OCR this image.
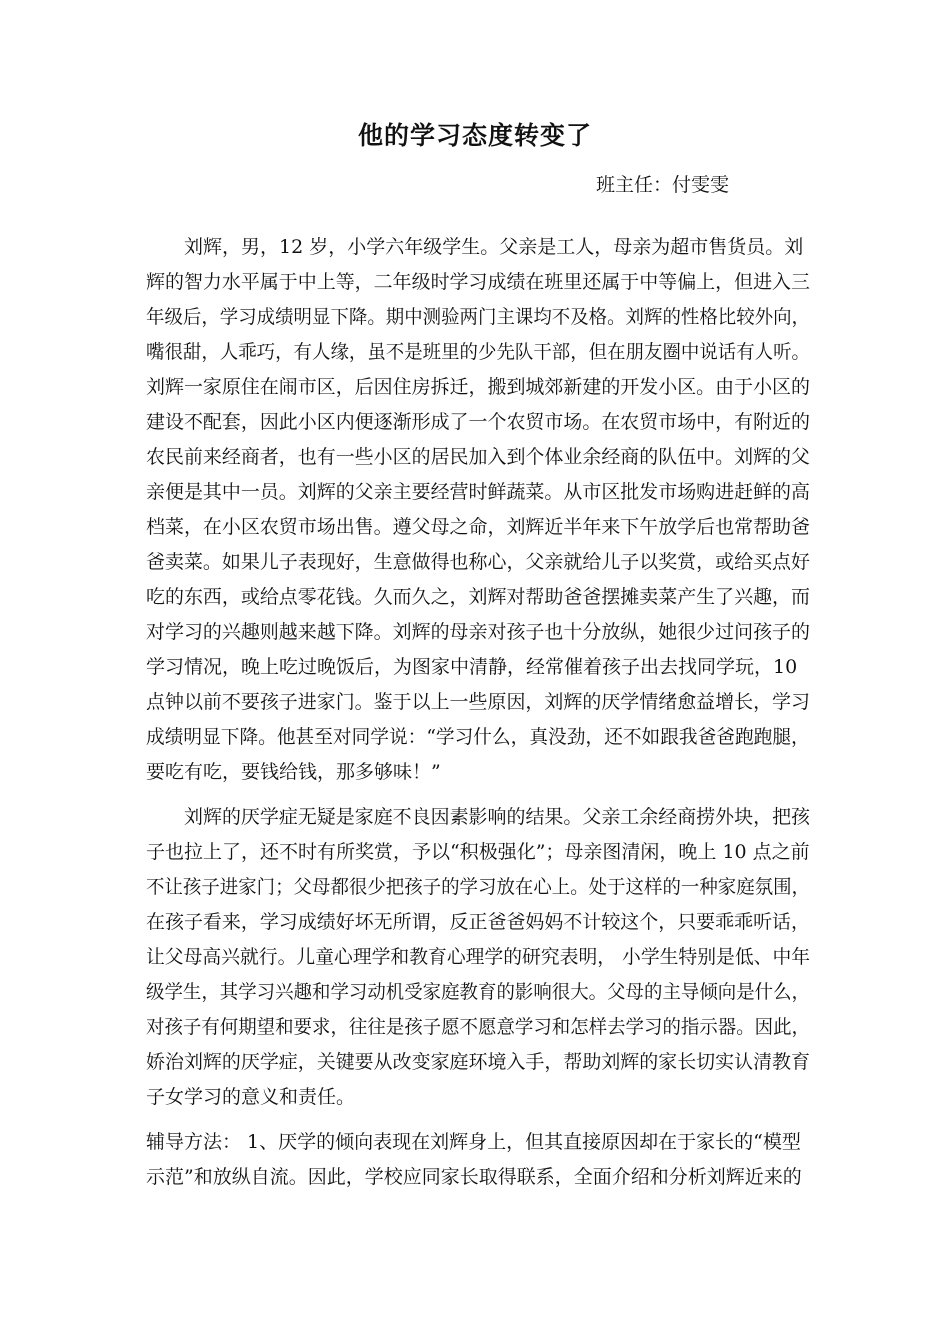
他的学习态度转变了

班主任：付雯雯

刘辉，男，12 岁，小学六年级学生。父亲是工人，母亲为超市售货员。刘

辉的智力水平属于中上等，二年级时学习成绩在班里还属于中等偏上，但进入三

年级后，学习成绩明显下降。期中测验两门主课均不及格。刘辉的性格比较外向，

嘴很甜，人乖巧，有人缘，虽不是班里的少先队干部，但在朋友圈中说话有人听。

刘辉一家原住在闹市区，后因住房拆迁，搬到城郊新建的开发小区。由于小区的

建设不配套，因此小区内便逐渐形成了一个农贸市场。在农贸市场中，有附近的

农民前来经商者，也有一些小区的居民加入到个体业余经商的队伍中。刘辉的父

亲便是其中一员。刘辉的父亲主要经营时鲜蔬菜。从市区批发市场购进赶鲜的高

档菜，在小区农贸市场出售。遵父母之命，刘辉近半年来下午放学后也常帮助爸

爸卖菜。如果儿子表现好，生意做得也称心，父亲就给儿子以奖赏，或给买点好

吃的东西，或给点零花钱。久而久之，刘辉对帮助爸爸摆摊卖菜产生了兴趣，而

对学习的兴趣则越来越下降。刘辉的母亲对孩子也十分放纵，她很少过问孩子的

学习情况，晚上吃过晚饭后，为图家中清静，经常催着孩子出去找同学玩，10

点钟以前不要孩子进家门。鉴于以上一些原因，刘辉的厌学情绪愈益增长，学习

成绩明显下降。他甚至对同学说：“学习什么，真没劲，还不如跟我爸爸跑跑腿，

要吃有吃，要钱给钱，那多够味！”

刘辉的厌学症无疑是家庭不良因素影响的结果。父亲工余经商捞外块，把孩

子也拉上了，还不时有所奖赏，予以“积极强化”；母亲图清闲，晚上 10 点之前

不让孩子进家门；父母都很少把孩子的学习放在心上。处于这样的一种家庭氛围，

在孩子看来，学习成绩好坏无所谓，反正爸爸妈妈不计较这个，只要乖乖听话，

让父母高兴就行。儿童心理学和教育心理学的研究表明， 小学生特别是低、中年

级学生，其学习兴趣和学习动机受家庭教育的影响很大。父母的主导倾向是什么，

对孩子有何期望和要求，往往是孩子愿不愿意学习和怎样去学习的指示器。因此，

娇治刘辉的厌学症，关键要从改变家庭环境入手，帮助刘辉的家长切实认清教育

子女学习的意义和责任。

辅导方法： 1、厌学的倾向表现在刘辉身上，但其直接原因却在于家长的“模型

示范”和放纵自流。因此，学校应同家长取得联系，全面介绍和分析刘辉近来的
